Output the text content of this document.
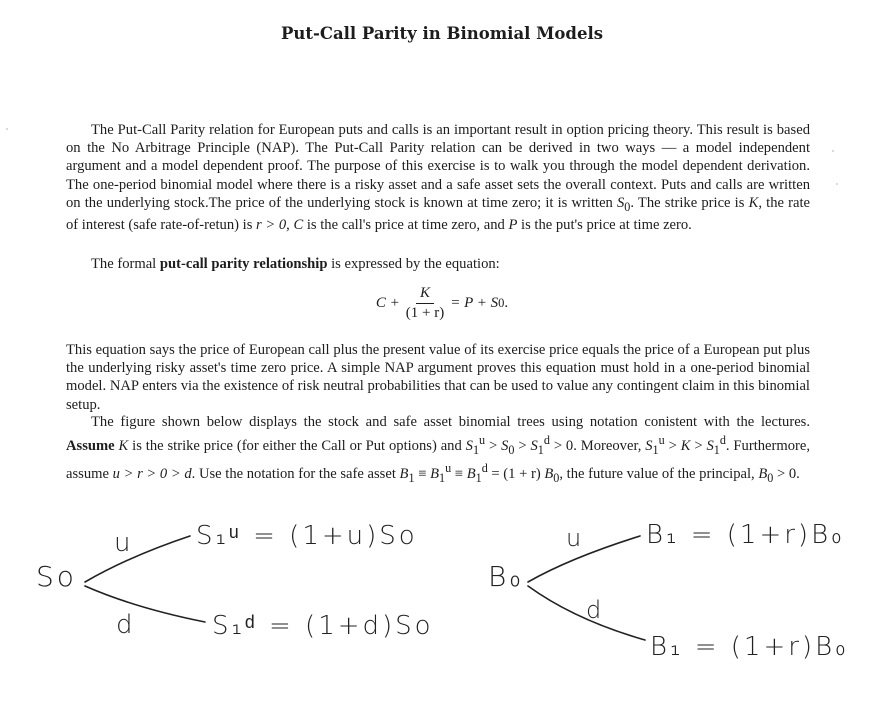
Put-Call Parity in Binomial Models
The Put-Call Parity relation for European puts and calls is an important result in option pricing theory. This result is based on the No Arbitrage Principle (NAP). The Put-Call Parity relation can be derived in two ways — a model independent argument and a model dependent proof. The purpose of this exercise is to walk you through the model dependent derivation. The one-period binomial model where there is a risky asset and a safe asset sets the overall context. Puts and calls are written on the underlying stock.The price of the underlying stock is known at time zero; it is written $S_0$. The strike price is K, the rate of interest (safe rate-of-retun) is r > 0, C is the call's price at time zero, and P is the put's price at time zero.
The formal put-call parity relationship is expressed by the equation:
$C + \frac{K}{(1 + r)} = P + S$ 0 .
This equation says the price of European call plus the present value of its exercise price equals the price of a European put plus the underlying risky asset's time zero price. A simple NAP argument proves this equation must hold in a one-period binomial model. NAP enters via the existence of risk neutral probabilities that can be used to value any contingent claim in this binomial setup.
The figure shown below displays the stock and safe asset binomial trees using notation conistent with the lectures. Assume K is the strike price (for either the Call or Put options) and $S_1^u > S_0 > S_1^d > 0$. Moreover, $S_1^u > K > S_1^d$. Furthermore, assume u > r > 0 > d. Use the notation for the safe asset $B_1 \equiv B_1^u \equiv B_1^d = (1 + r)$ $B_0$, the future value of the principal, $B_0 > 0$.
So
u
d
S₁ᵘ = (1+u)So
S₁ᵈ = (1+d)So
B₀
u
d
B₁ = (1+r)B₀
B₁ = (1+r)B₀
